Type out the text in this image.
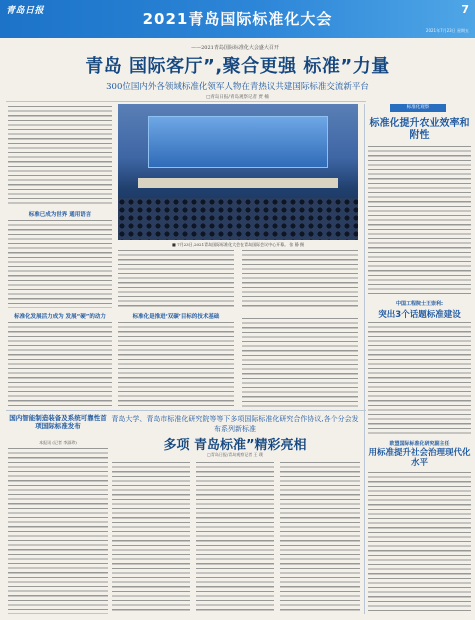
青岛日报	2021青岛国际标准化大会
7
2021年7月23日 星期五
——2021青岛国际标准化大会盛大召开
青岛 国际客厅”,聚合更强 标准”力量
300位国内外各领域标准化领军人物在青热议共建国际标准交流新平台
□青岛日报/青岛观察记者 贾 楠
标准已成为世界 通用语言
标准化发展活力成为 发展“硬”的动力
■ 7月23日,2021青岛国际标准化大会在青岛国际会议中心开幕。 张 静 摄
标准化是推进‘双碳’目标的技术基础
国内智能制造装备及系统可靠性首项国际标准发布
本报讯 (记者 李淑珍)
青岛大学、青岛市标准化研究院等等下多项国际标准化研究合作协议,各个分会发布系列新标准
多项 青岛标准”精彩亮相
□青岛日报/青岛观察记者 王 璞
标准化观察
标准化提升农业效率和附性
中国工程院士王崇利:
突出3个话题标准建设
欧盟国际标准化研究副主任
用标准提升社会治理现代化水平
